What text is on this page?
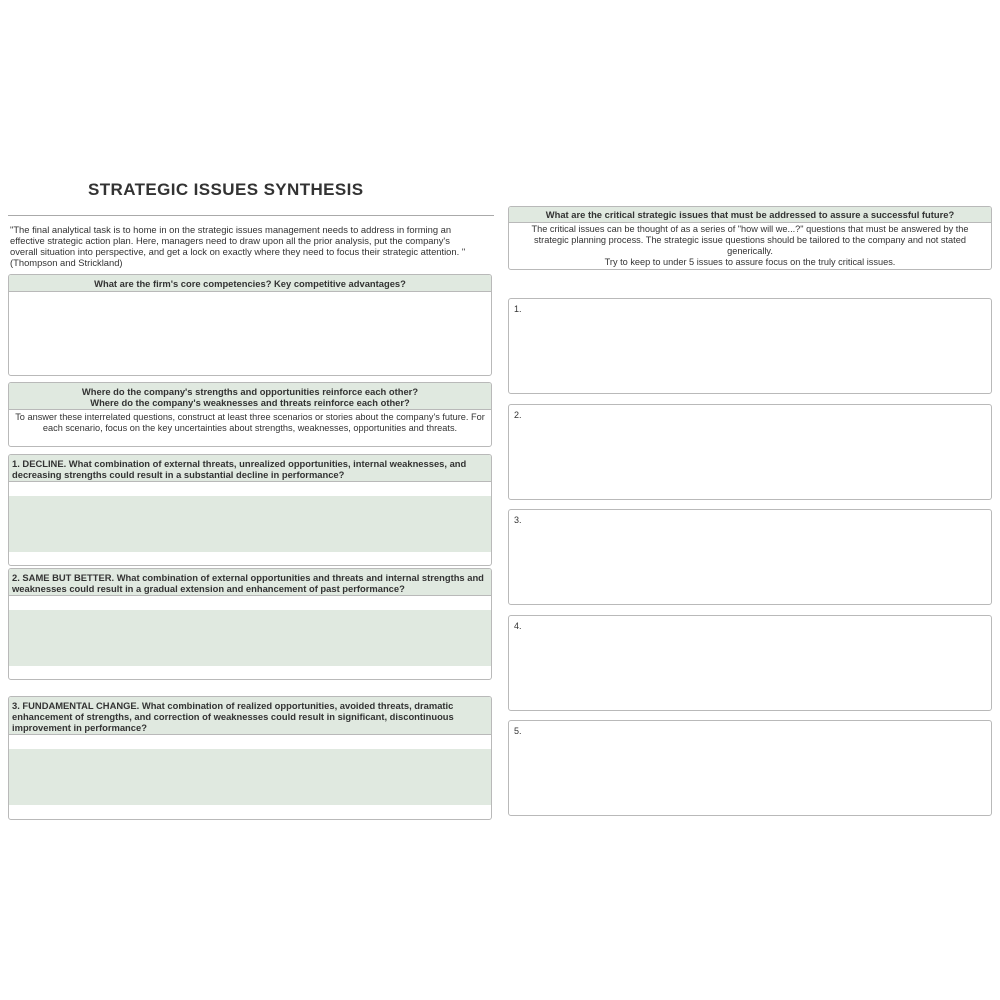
STRATEGIC ISSUES SYNTHESIS
"The final analytical task is to home in on the strategic issues management needs to address in forming an effective strategic action plan. Here, managers need to draw upon all the prior analysis, put the company's overall situation into perspective, and get a lock on exactly where they need to focus their strategic attention. " (Thompson and Strickland)
What are the firm's core competencies? Key competitive advantages?
Where do the company's strengths and opportunities reinforce each other?
Where do the company's weaknesses and threats reinforce each other?
To answer these interrelated questions, construct at least three scenarios or stories about the company's future. For each scenario, focus on the key uncertainties about strengths, weaknesses, opportunities and threats.
1. DECLINE. What combination of external threats, unrealized opportunities, internal weaknesses, and decreasing strengths could result in a substantial decline in performance?
2. SAME BUT BETTER. What combination of external opportunities and threats and internal strengths and weaknesses could result in a gradual extension and enhancement of past performance?
3. FUNDAMENTAL CHANGE. What combination of realized opportunities, avoided threats, dramatic enhancement of strengths, and correction of weaknesses could result in significant, discontinuous improvement in performance?
What are the critical strategic issues that must be addressed to assure a successful future?
The critical issues can be thought of as a series of "how will we...?" questions that must be answered by the strategic planning process. The strategic issue questions should be tailored to the company and not stated generically.
Try to keep to under 5 issues to assure focus on the truly critical issues.
1.
2.
3.
4.
5.
